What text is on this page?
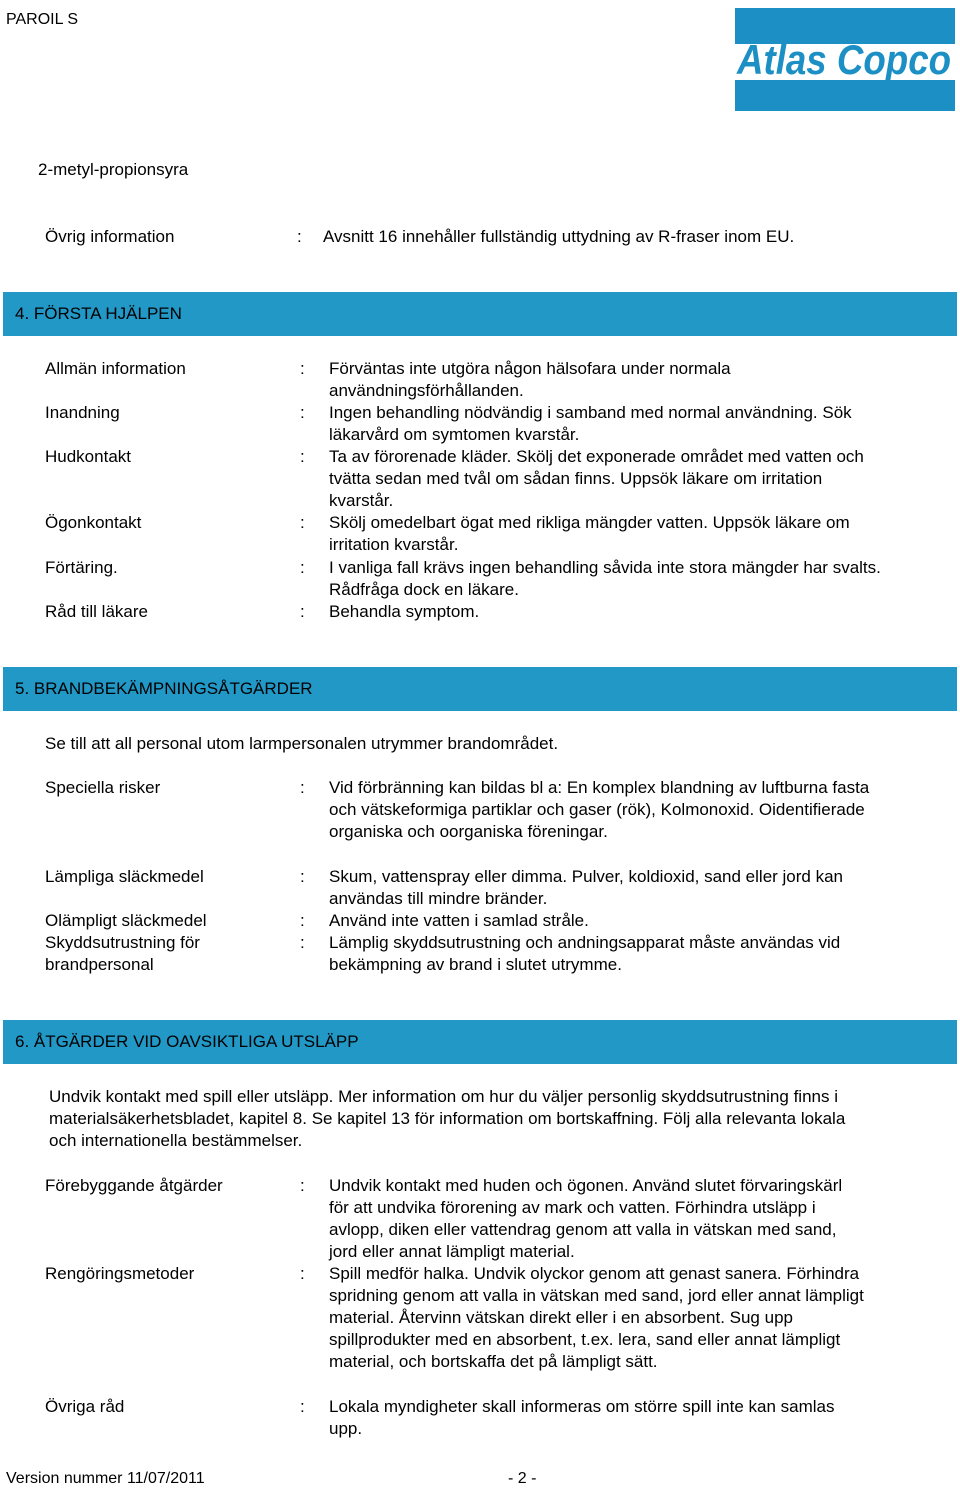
PAROIL S
Atlas Copco
2-metyl-propionsyra
Övrig information	: Avsnitt 16 innehåller fullständig uttydning av R-fraser inom EU.
4. FÖRSTA HJÄLPEN
Allmän information	: Förväntas inte utgöra någon hälsofara under normala användningsförhållanden.
Inandning	: Ingen behandling nödvändig i samband med normal användning. Sök läkarvård om symtomen kvarstår.
Hudkontakt	: Ta av förorenade kläder. Skölj det exponerade området med vatten och tvätta sedan med tvål om sådan finns. Uppsök läkare om irritation kvarstår.
Ögonkontakt	: Skölj omedelbart ögat med rikliga mängder vatten. Uppsök läkare om irritation kvarstår.
Förtäring.	: I vanliga fall krävs ingen behandling såvida inte stora mängder har svalts. Rådfråga dock en läkare.
Råd till läkare	: Behandla symptom.
5. BRANDBEKÄMPNINGSÅTGÄRDER
Se till att all personal utom larmpersonalen utrymmer brandområdet.
Speciella risker	: Vid förbränning kan bildas bl a: En komplex blandning av luftburna fasta och vätskeformiga partiklar och gaser (rök), Kolmonoxid. Oidentifierade organiska och oorganiska föreningar.
Lämpliga släckmedel	: Skum, vattenspray eller dimma. Pulver, koldioxid, sand eller jord kan användas till mindre bränder.
Olämpligt släckmedel	: Använd inte vatten i samlad stråle.
Skyddsutrustning för brandpersonal
: Lämplig skyddsutrustning och andningsapparat måste användas vid bekämpning av brand i slutet utrymme.
6. ÅTGÄRDER VID OAVSIKTLIGA UTSLÄPP
Undvik kontakt med spill eller utsläpp. Mer information om hur du väljer personlig skyddsutrustning finns i materialsäkerhetsbladet, kapitel 8. Se kapitel 13 för information om bortskaffning. Följ alla relevanta lokala och internationella bestämmelser.
Förebyggande åtgärder	: Undvik kontakt med huden och ögonen. Använd slutet förvaringskärl för att undvika förorening av mark och vatten. Förhindra utsläpp i avlopp, diken eller vattendrag genom att valla in vätskan med sand, jord eller annat lämpligt material.
Rengöringsmetoder	: Spill medför halka. Undvik olyckor genom att genast sanera. Förhindra spridning genom att valla in vätskan med sand, jord eller annat lämpligt material. Återvinn vätskan direkt eller i en absorbent. Sug upp spillprodukter med en absorbent, t.ex. lera, sand eller annat lämpligt material, och bortskaffa det på lämpligt sätt.
Övriga råd	: Lokala myndigheter skall informeras om större spill inte kan samlas upp.
Version nummer 11/07/2011	- 2 -
